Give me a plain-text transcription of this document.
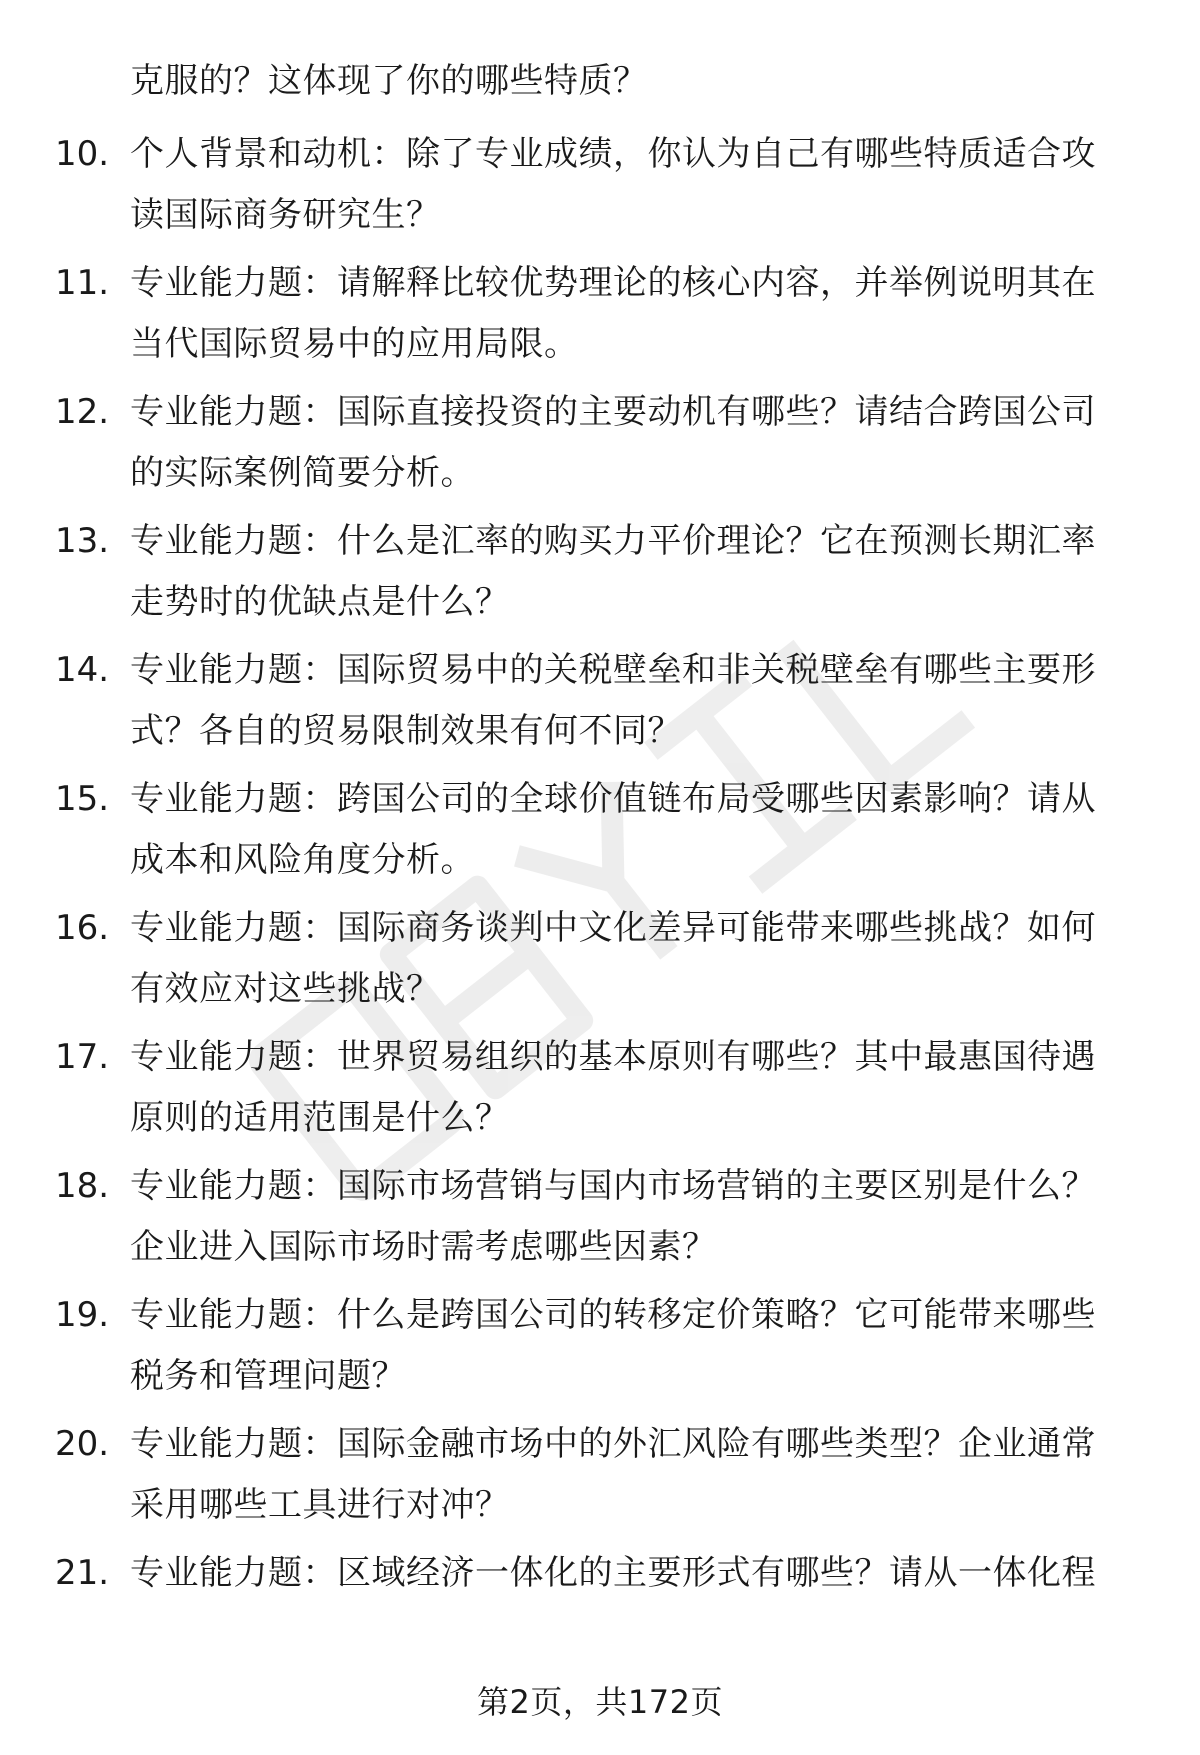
克服的？这体现了你的哪些特质？
10. 个人背景和动机：除了专业成绩，你认为自己有哪些特质适合攻
读国际商务研究生？
11. 专业能力题：请解释比较优势理论的核心内容，并举例说明其在
当代国际贸易中的应用局限。
12. 专业能力题：国际直接投资的主要动机有哪些？请结合跨国公司
的实际案例简要分析。
13. 专业能力题：什么是汇率的购买力平价理论？它在预测长期汇率
走势时的优缺点是什么？
14. 专业能力题：国际贸易中的关税壁垒和非关税壁垒有哪些主要形
式？各自的贸易限制效果有何不同？
15. 专业能力题：跨国公司的全球价值链布局受哪些因素影响？请从
成本和风险角度分析。
16. 专业能力题：国际商务谈判中文化差异可能带来哪些挑战？如何
有效应对这些挑战？
17. 专业能力题：世界贸易组织的基本原则有哪些？其中最惠国待遇
原则的适用范围是什么？
18. 专业能力题：国际市场营销与国内市场营销的主要区别是什么？
企业进入国际市场时需考虑哪些因素？
19. 专业能力题：什么是跨国公司的转移定价策略？它可能带来哪些
税务和管理问题？
20. 专业能力题：国际金融市场中的外汇风险有哪些类型？企业通常
采用哪些工具进行对冲？
21. 专业能力题：区域经济一体化的主要形式有哪些？请从一体化程
第2页，共172页
